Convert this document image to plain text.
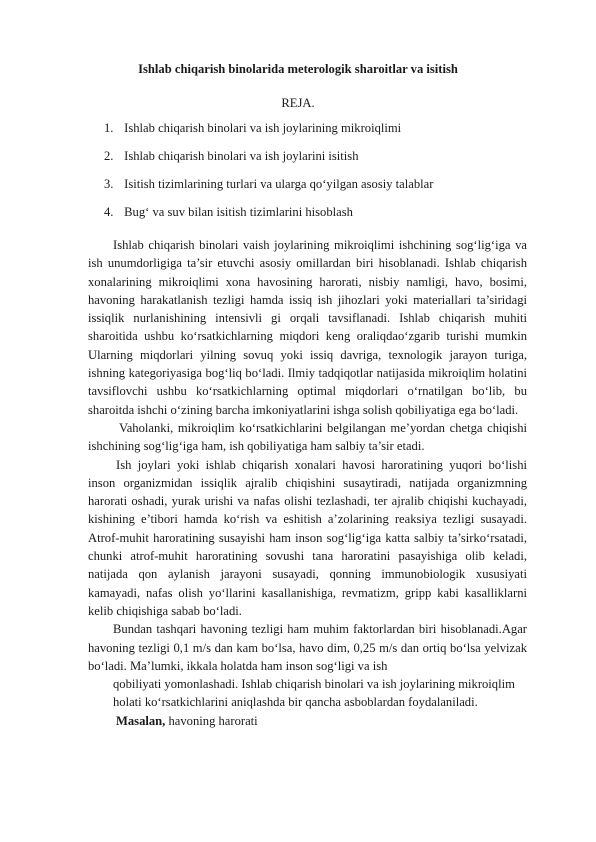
Ishlab chiqarish binolarida meterologik sharoitlar va isitish
REJA.
1. Ishlab chiqarish binolari va ish joylarining mikroiqlimi
2. Ishlab chiqarish binolari va ish joylarini isitish
3. Isitish tizimlarining turlari va ularga qo‘yilgan asosiy talablar
4. Bug‘ va suv bilan isitish tizimlarini hisoblash

Ishlab chiqarish binolari vaish joylarining mikroiqlimi ishchining sog‘lig‘iga va ish unumdorligiga ta’sir etuvchi asosiy omillardan biri hisoblanadi. Ishlab chiqarish xonalarining mikroiqlimi xona havosining harorati, nisbiy namligi, havo, bosimi, havoning harakatlanish tezligi hamda issiq ish jihozlari yoki materiallari ta’siridagi issiqlik nurlanishining intensivli gi orqali tavsiflanadi. Ishlab chiqarish muhiti sharoitida ushbu ko‘rsatkichlarning miqdori keng oraliqdao‘zgarib turishi mumkin Ularning miqdorlari yilning sovuq yoki issiq davriga, texnologik jarayon turiga, ishning kategoriyasiga bog‘liq bo‘ladi. Ilmiy tadqiqotlar natijasida mikroiqlim holatini tavsiflovchi ushbu ko‘rsatkichlarning optimal miqdorlari o‘rnatilgan bo‘lib, bu sharoitda ishchi o‘zining barcha imkoniyatlarini ishga solish qobiliyatiga ega bo‘ladi.

Vaholanki, mikroiqlim ko‘rsatkichlarini belgilangan me’yordan chetga chiqishi ishchining sog‘lig‘iga ham, ish qobiliyatiga ham salbiy ta’sir etadi.

Ish joylari yoki ishlab chiqarish xonalari havosi haroratining yuqori bo‘lishi inson organizmidan issiqlik ajralib chiqishini susaytiradi, natijada organizmning harorati oshadi, yurak urishi va nafas olishi tezlashadi, ter ajralib chiqishi kuchayadi, kishining e’tibori hamda ko‘rish va eshitish a’zolarining reaksiya tezligi susayadi. Atrof-muhit haroratining susayishi ham inson sog‘lig‘iga katta salbiy ta’sirko‘rsatadi, chunki atrof-muhit haroratining sovushi tana haroratini pasayishiga olib keladi, natijada qon aylanish jarayoni susayadi, qonning immunobiologik xususiyati kamayadi, nafas olish yo‘llarini kasallanishiga, revmatizm, gripp kabi kasalliklarni kelib chiqishiga sabab bo‘ladi.

Bundan tashqari havoning tezligi ham muhim faktorlardan biri hisoblanadi.Agar havoning tezligi 0,1 m/s dan kam bo‘lsa, havo dim, 0,25 m/s dan ortiq bo‘lsa yelvizak bo‘ladi. Ma’lumki, ikkala holatda ham inson sog‘ligi va ish

qobiliyati yomonlashadi. Ishlab chiqarish binolari va ish joylarining mikroiqlim

holati ko‘rsatkichlarini aniqlashda bir qancha asboblardan foydalaniladi.

Masalan, havoning harorati
